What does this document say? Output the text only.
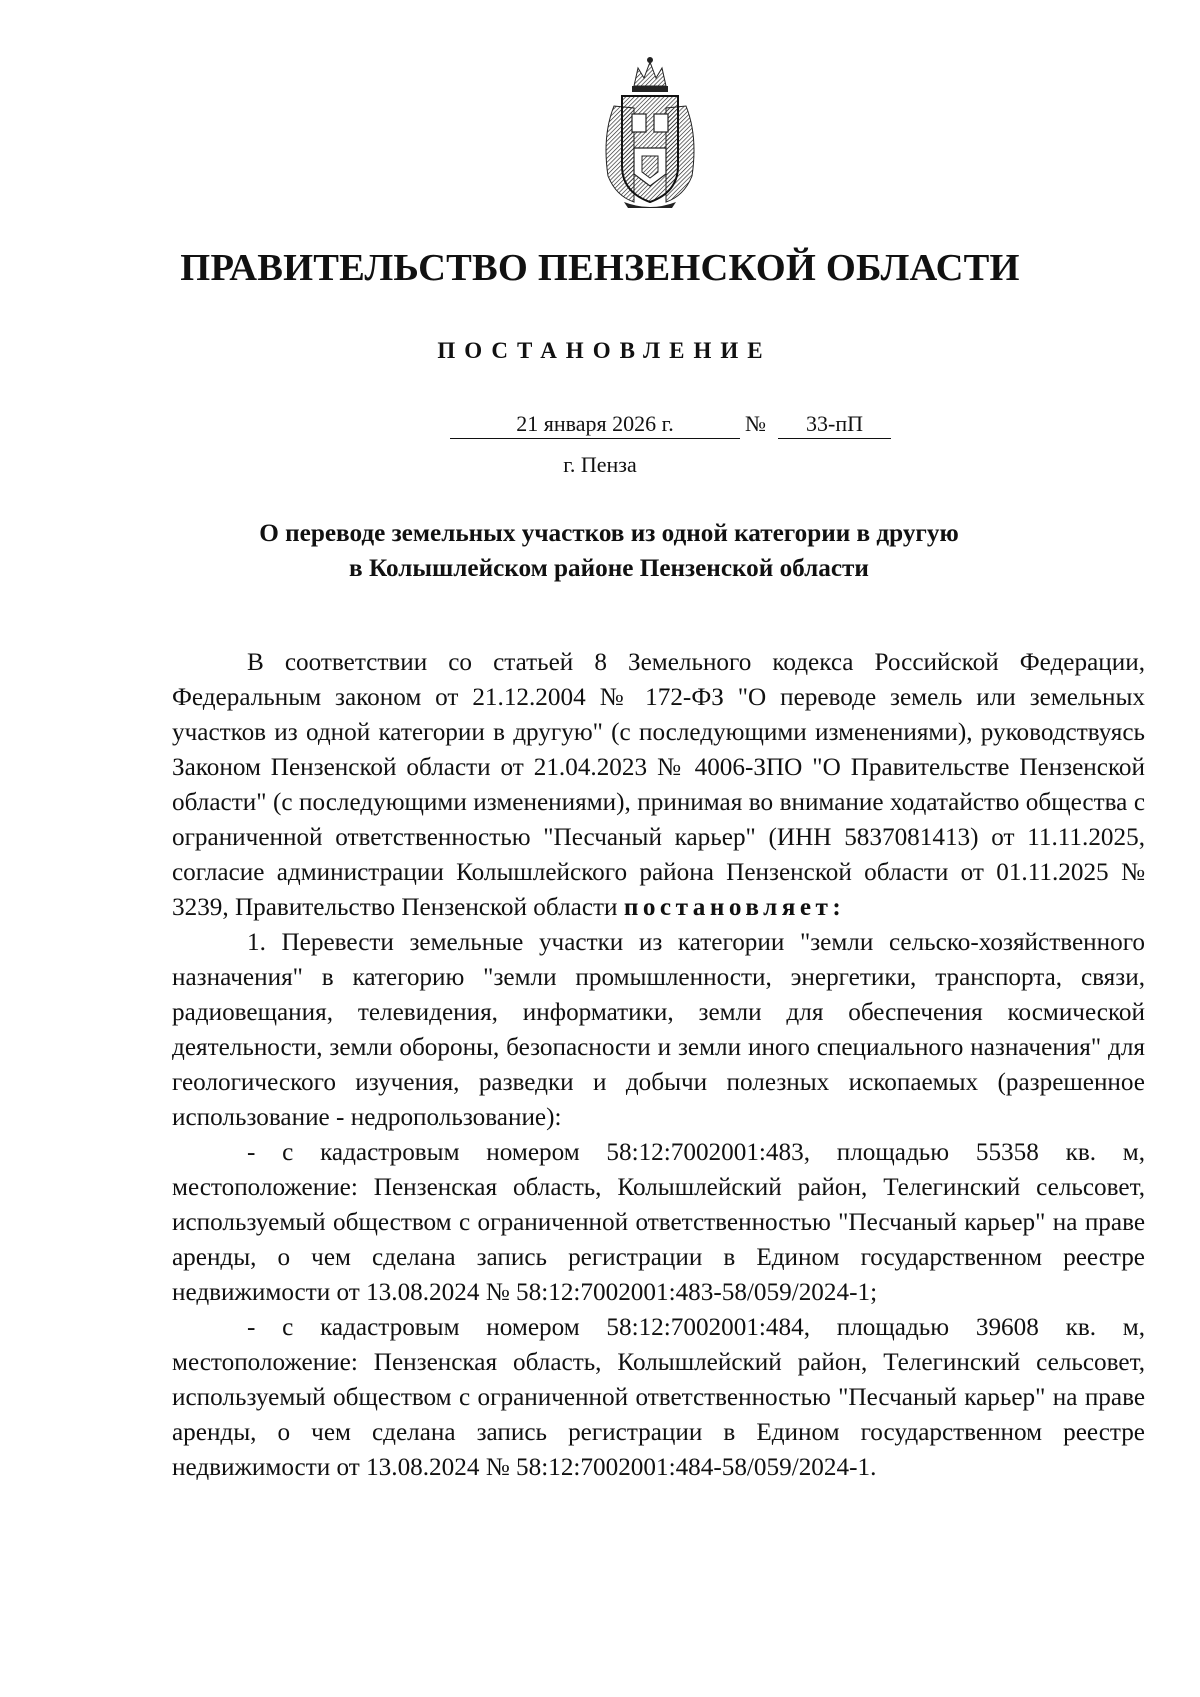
ПРАВИТЕЛЬСТВО ПЕНЗЕНСКОЙ ОБЛАСТИ
ПОСТАНОВЛЕНИЕ
21 января 2026 г.	№	33-пП
г. Пенза
О переводе земельных участков из одной категории в другую
в Колышлейском районе Пензенской области

В соответствии со статьей 8 Земельного кодекса Российской Федерации, Федеральным законом от 21.12.2004 № 172-ФЗ "О переводе земель или земельных участков из одной категории в другую" (с последующими изменениями), руководствуясь Законом Пензенской области от 21.04.2023 № 4006-ЗПО "О Правительстве Пензенской области" (с последующими изменениями), принимая во внимание ходатайство общества с ограниченной ответственностью "Песчаный карьер" (ИНН 5837081413) от 11.11.2025, согласие администрации Колышлейского района Пензенской области от 01.11.2025 № 3239, Правительство Пензенской области постановляет:

1. Перевести земельные участки из категории "земли сельско-хозяйственного назначения" в категорию "земли промышленности, энергетики, транспорта, связи, радиовещания, телевидения, информатики, земли для обеспечения космической деятельности, земли обороны, безопасности и земли иного специального назначения" для геологического изучения, разведки и добычи полезных ископаемых (разрешенное использование - недропользование):

- с кадастровым номером 58:12:7002001:483, площадью 55358 кв. м, местоположение: Пензенская область, Колышлейский район, Телегинский сельсовет, используемый обществом с ограниченной ответственностью "Песчаный карьер" на праве аренды, о чем сделана запись регистрации в Едином государственном реестре недвижимости от 13.08.2024 № 58:12:7002001:483-58/059/2024-1;

- с кадастровым номером 58:12:7002001:484, площадью 39608 кв. м, местоположение: Пензенская область, Колышлейский район, Телегинский сельсовет, используемый обществом с ограниченной ответственностью "Песчаный карьер" на праве аренды, о чем сделана запись регистрации в Едином государственном реестре недвижимости от 13.08.2024 № 58:12:7002001:484-58/059/2024-1.
